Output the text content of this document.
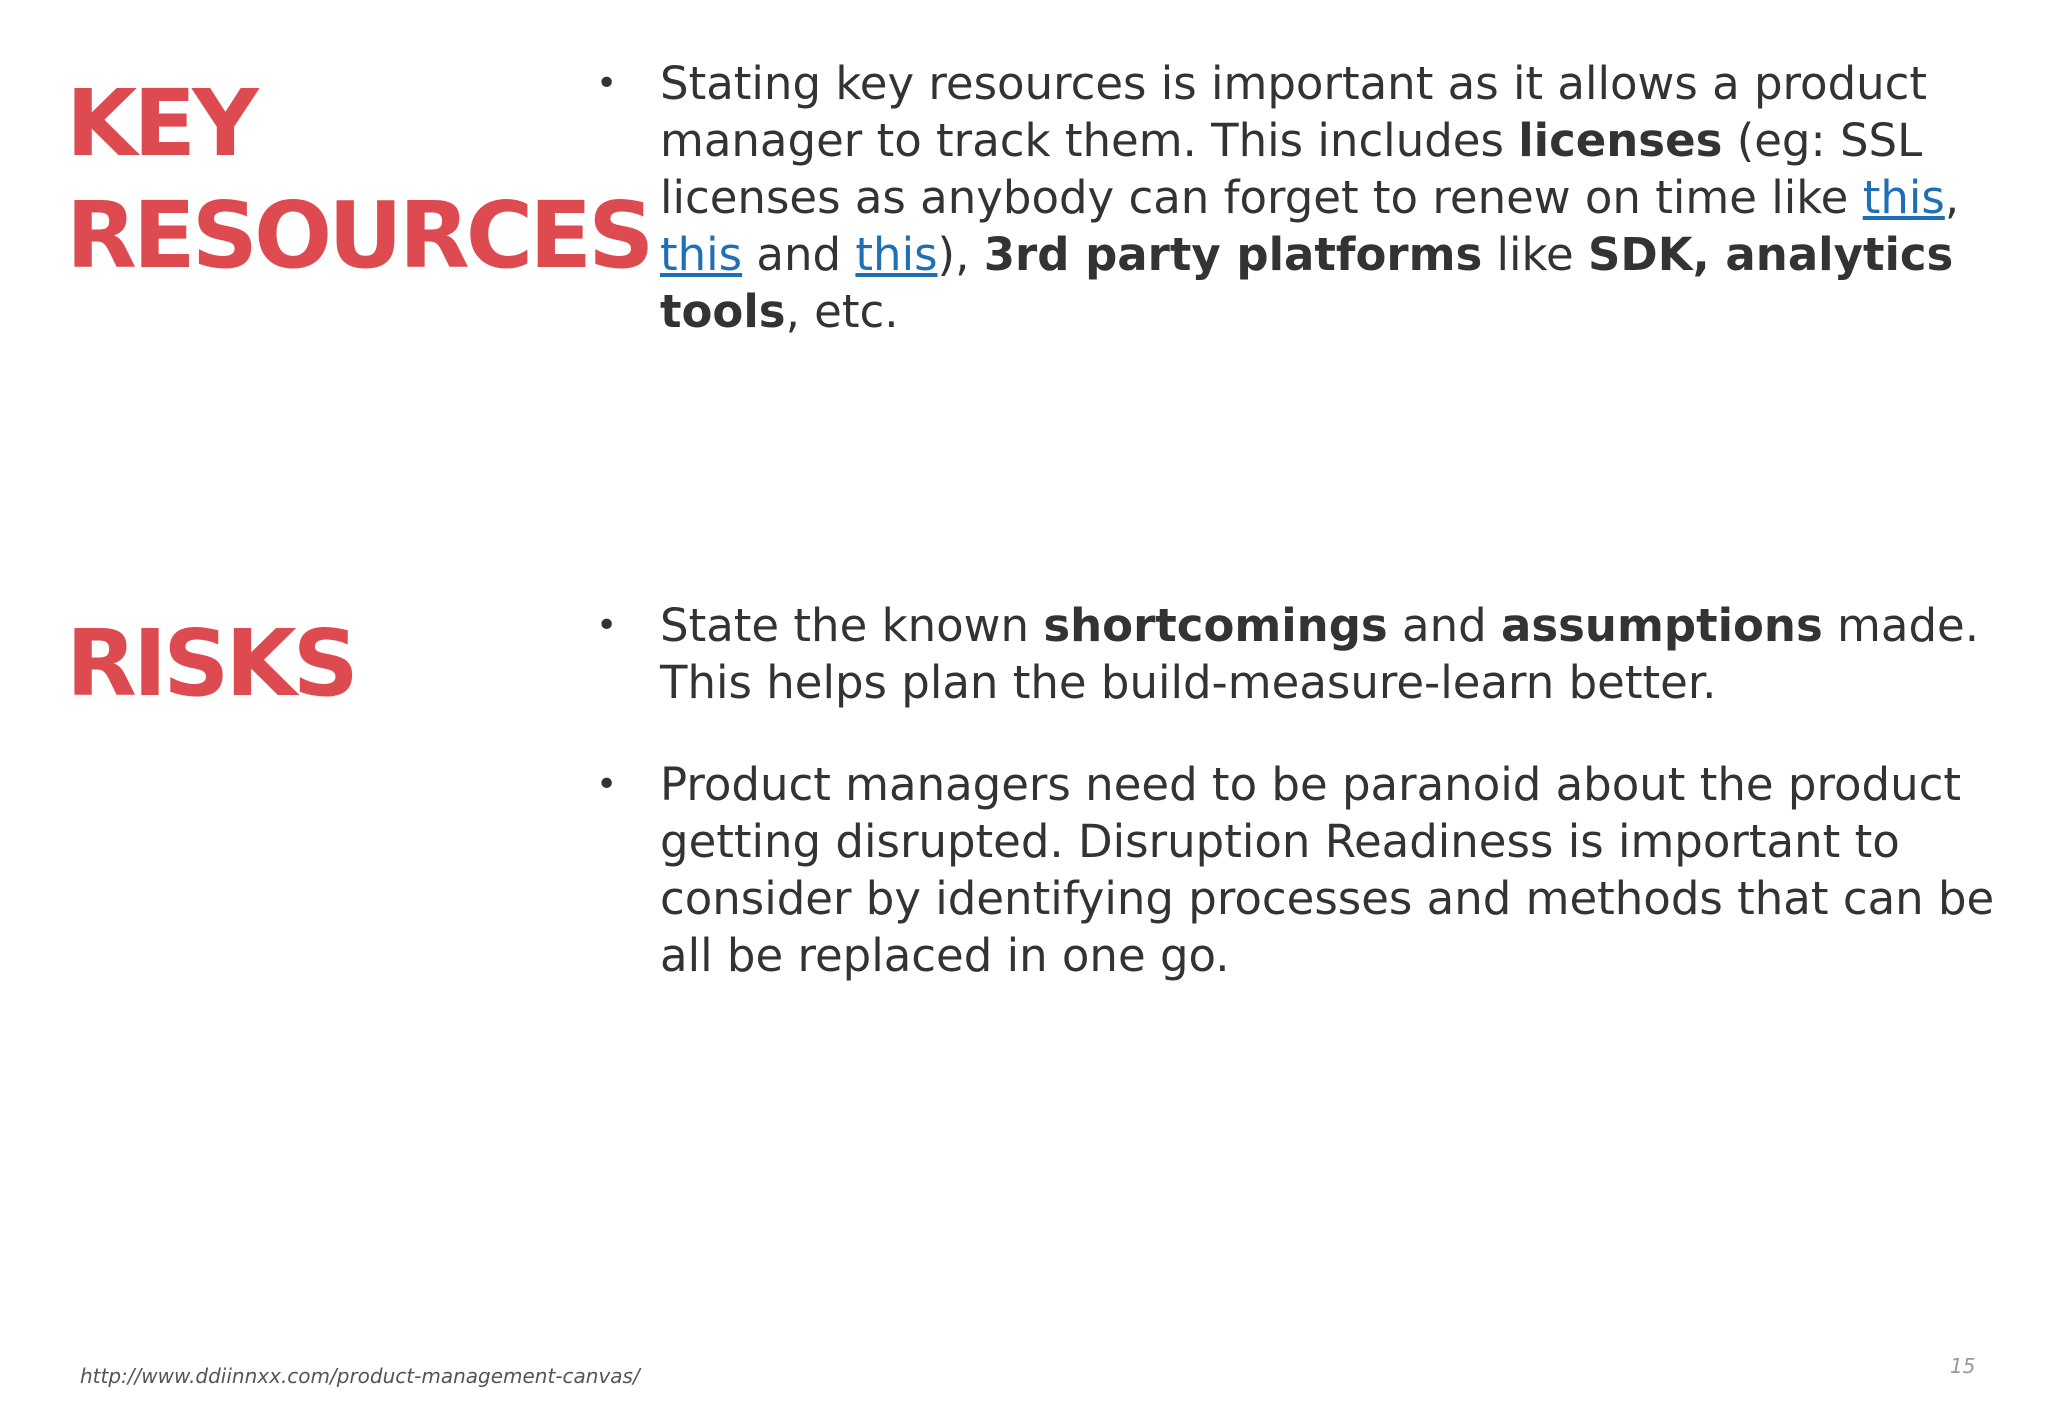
KEY
RESOURCES
• Stating key resources is important as it allows a product manager to track them. This includes licenses (eg: SSL licenses as anybody can forget to renew on time like this, this and this), 3rd party platforms like SDK, analytics tools, etc.
RISKS	• State the known shortcomings and assumptions made. This helps plan the build-measure-learn better.
• Product managers need to be paranoid about the product getting disrupted. Disruption Readiness is important to consider by identifying processes and methods that can be all be replaced in one go.
http://www.ddiinnxx.com/product-management-canvas/	15
